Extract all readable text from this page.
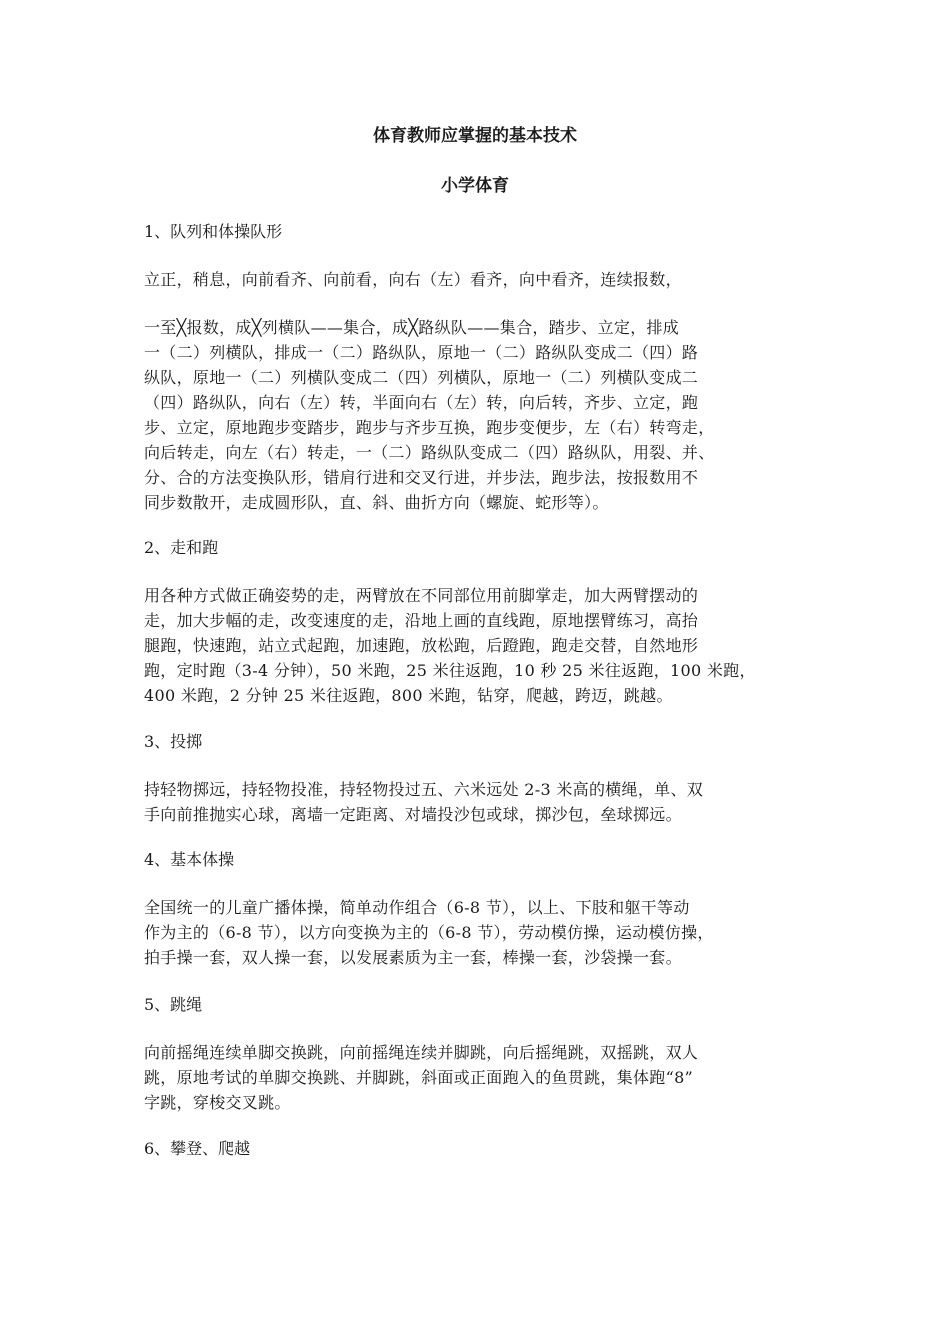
体育教师应掌握的基本技术
小学体育
1、队列和体操队形
立正，稍息，向前看齐、向前看，向右（左）看齐，向中看齐，连续报数，
一至╳报数，成╳列横队——集合，成╳路纵队——集合，踏步、立定，排成
一（二）列横队，排成一（二）路纵队，原地一（二）路纵队变成二（四）路
纵队，原地一（二）列横队变成二（四）列横队，原地一（二）列横队变成二
（四）路纵队，向右（左）转，半面向右（左）转，向后转，齐步、立定，跑
步、立定，原地跑步变踏步，跑步与齐步互换，跑步变便步，左（右）转弯走，
向后转走，向左（右）转走，一（二）路纵队变成二（四）路纵队，用裂、并、
分、合的方法变换队形，错肩行进和交叉行进，并步法，跑步法，按报数用不
同步数散开，走成圆形队，直、斜、曲折方向（螺旋、蛇形等）。
2、走和跑
用各种方式做正确姿势的走，两臂放在不同部位用前脚掌走，加大两臂摆动的
走，加大步幅的走，改变速度的走，沿地上画的直线跑，原地摆臂练习，高抬
腿跑，快速跑，站立式起跑，加速跑，放松跑，后蹬跑，跑走交替，自然地形
跑，定时跑（3-4 分钟），50 米跑，25 米往返跑，10 秒 25 米往返跑，100 米跑，
400 米跑，2 分钟 25 米往返跑，800 米跑，钻穿，爬越，跨迈，跳越。
3、投掷
持轻物掷远，持轻物投准，持轻物投过五、六米远处 2-3 米高的横绳，单、双
手向前推抛实心球，离墙一定距离、对墙投沙包或球，掷沙包，垒球掷远。
4、基本体操
全国统一的儿童广播体操，简单动作组合（6-8 节），以上、下肢和躯干等动
作为主的（6-8 节），以方向变换为主的（6-8 节），劳动模仿操，运动模仿操，
拍手操一套，双人操一套，以发展素质为主一套，棒操一套，沙袋操一套。
5、跳绳
向前摇绳连续单脚交换跳，向前摇绳连续并脚跳，向后摇绳跳，双摇跳，双人
跳，原地考试的单脚交换跳、并脚跳，斜面或正面跑入的鱼贯跳，集体跑“8”
字跳，穿梭交叉跳。
6、攀登、爬越
